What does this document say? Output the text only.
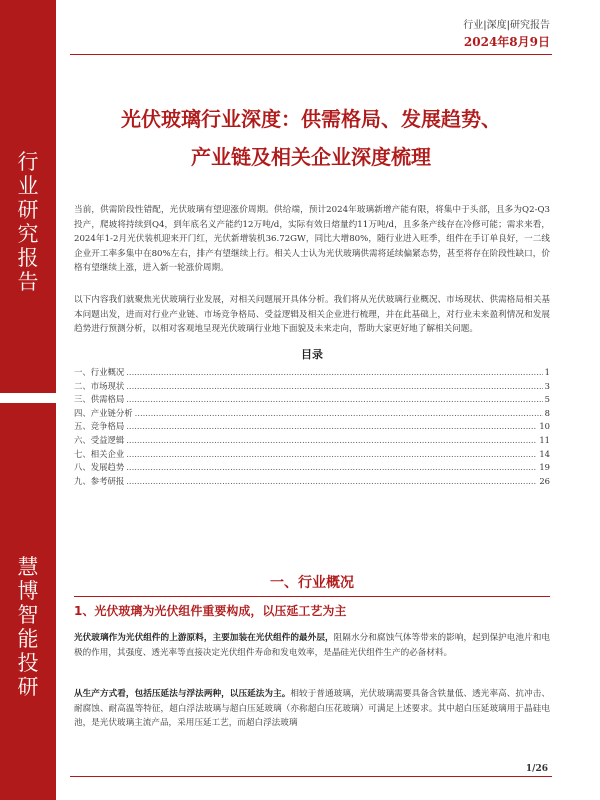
行
业
研
究
报
告
慧
博
智
能
投
研
行业|深度|研究报告
2024年8月9日
光伏玻璃行业深度：供需格局、发展趋势、
产业链及相关企业深度梳理
当前，供需阶段性错配，光伏玻璃有望迎涨价周期。供给端，预计2024年玻璃新增产能有限，将集中于头部，且多为Q2-Q3投产，爬坡将持续到Q4，到年底名义产能约12万吨/d，实际有效日熔量约11万吨/d，且多条产线存在冷修可能；需求来看，2024年1-2月光伏装机迎来开门红，光伏新增装机36.72GW，同比大增80%，随行业进入旺季，组件在手订单良好，一二线企业开工率多集中在80%左右，排产有望继续上行。相关人士认为光伏玻璃供需将延续偏紧态势，甚至将存在阶段性缺口，价格有望继续上涨，进入新一轮涨价周期。
以下内容我们就聚焦光伏玻璃行业发展，对相关问题展开具体分析。我们将从光伏玻璃行业概况、市场现状、供需格局相关基本问题出发，进而对行业产业链、市场竞争格局、受益逻辑及相关企业进行梳理，并在此基础上，对行业未来盈利情况和发展趋势进行预测分析，以相对客观地呈现光伏玻璃行业地下面貌及未来走向，帮助大家更好地了解相关问题。
目录
一、行业概况 .....	1
二、市场现状 .....	3
三、供需格局 .....	5
四、产业链分析 .....	8
五、竞争格局 .....	10
六、受益逻辑 .....	11
七、相关企业 .....	14
八、发展趋势 .....	19
九、参考研报 .....	26
一、行业概况
1、光伏玻璃为光伏组件重要构成，以压延工艺为主
光伏玻璃作为光伏组件的上游原料，主要加装在光伏组件的最外层，阻隔水分和腐蚀气体等带来的影响，起到保护电池片和电极的作用，其强度、透光率等直接决定光伏组件寿命和发电效率，是晶硅光伏组件生产的必备材料。
从生产方式看，包括压延法与浮法两种，以压延法为主。相较于普通玻璃，光伏玻璃需要具备含铁量低、透光率高、抗冲击、耐腐蚀、耐高温等特征，超白浮法玻璃与超白压延玻璃（亦称超白压花玻璃）可满足上述要求。其中超白压延玻璃用于晶硅电池，是光伏玻璃主流产品，采用压延工艺，而超白浮法玻璃
1/26
